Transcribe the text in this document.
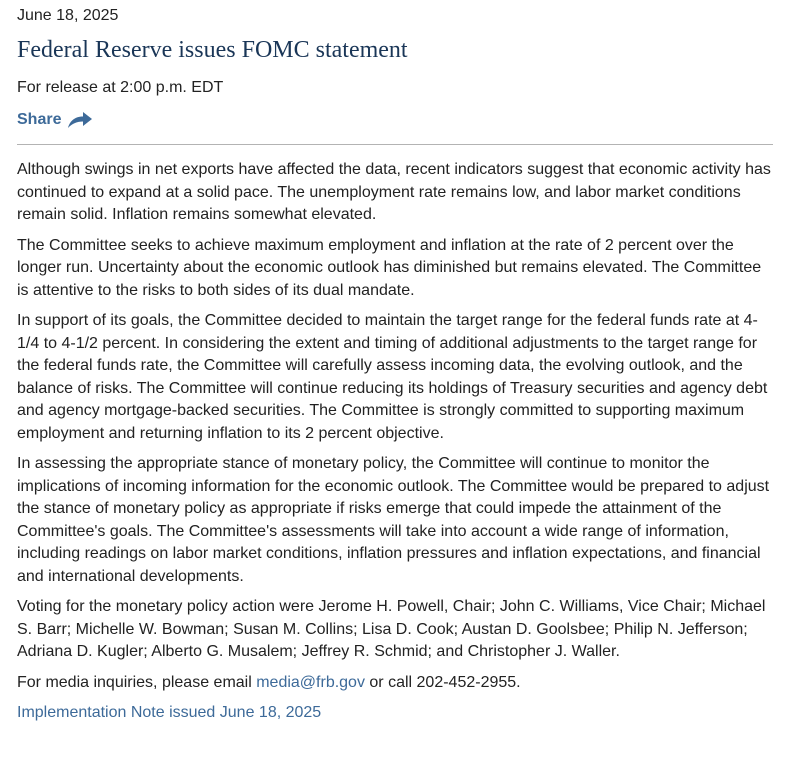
June 18, 2025

Federal Reserve issues FOMC statement

For release at 2:00 p.m. EDT

Share

Although swings in net exports have affected the data, recent indicators suggest that economic activity has continued to expand at a solid pace. The unemployment rate remains low, and labor market conditions remain solid. Inflation remains somewhat elevated.

The Committee seeks to achieve maximum employment and inflation at the rate of 2 percent over the longer run. Uncertainty about the economic outlook has diminished but remains elevated. The Committee is attentive to the risks to both sides of its dual mandate.

In support of its goals, the Committee decided to maintain the target range for the federal funds rate at 4-1/4 to 4-1/2 percent. In considering the extent and timing of additional adjustments to the target range for the federal funds rate, the Committee will carefully assess incoming data, the evolving outlook, and the balance of risks. The Committee will continue reducing its holdings of Treasury securities and agency debt and agency mortgage-backed securities. The Committee is strongly committed to supporting maximum employment and returning inflation to its 2 percent objective.

In assessing the appropriate stance of monetary policy, the Committee will continue to monitor the implications of incoming information for the economic outlook. The Committee would be prepared to adjust the stance of monetary policy as appropriate if risks emerge that could impede the attainment of the Committee's goals. The Committee's assessments will take into account a wide range of information, including readings on labor market conditions, inflation pressures and inflation expectations, and financial and international developments.

Voting for the monetary policy action were Jerome H. Powell, Chair; John C. Williams, Vice Chair; Michael S. Barr; Michelle W. Bowman; Susan M. Collins; Lisa D. Cook; Austan D. Goolsbee; Philip N. Jefferson; Adriana D. Kugler; Alberto G. Musalem; Jeffrey R. Schmid; and Christopher J. Waller.

For media inquiries, please email media@frb.gov or call 202-452-2955.

Implementation Note issued June 18, 2025
